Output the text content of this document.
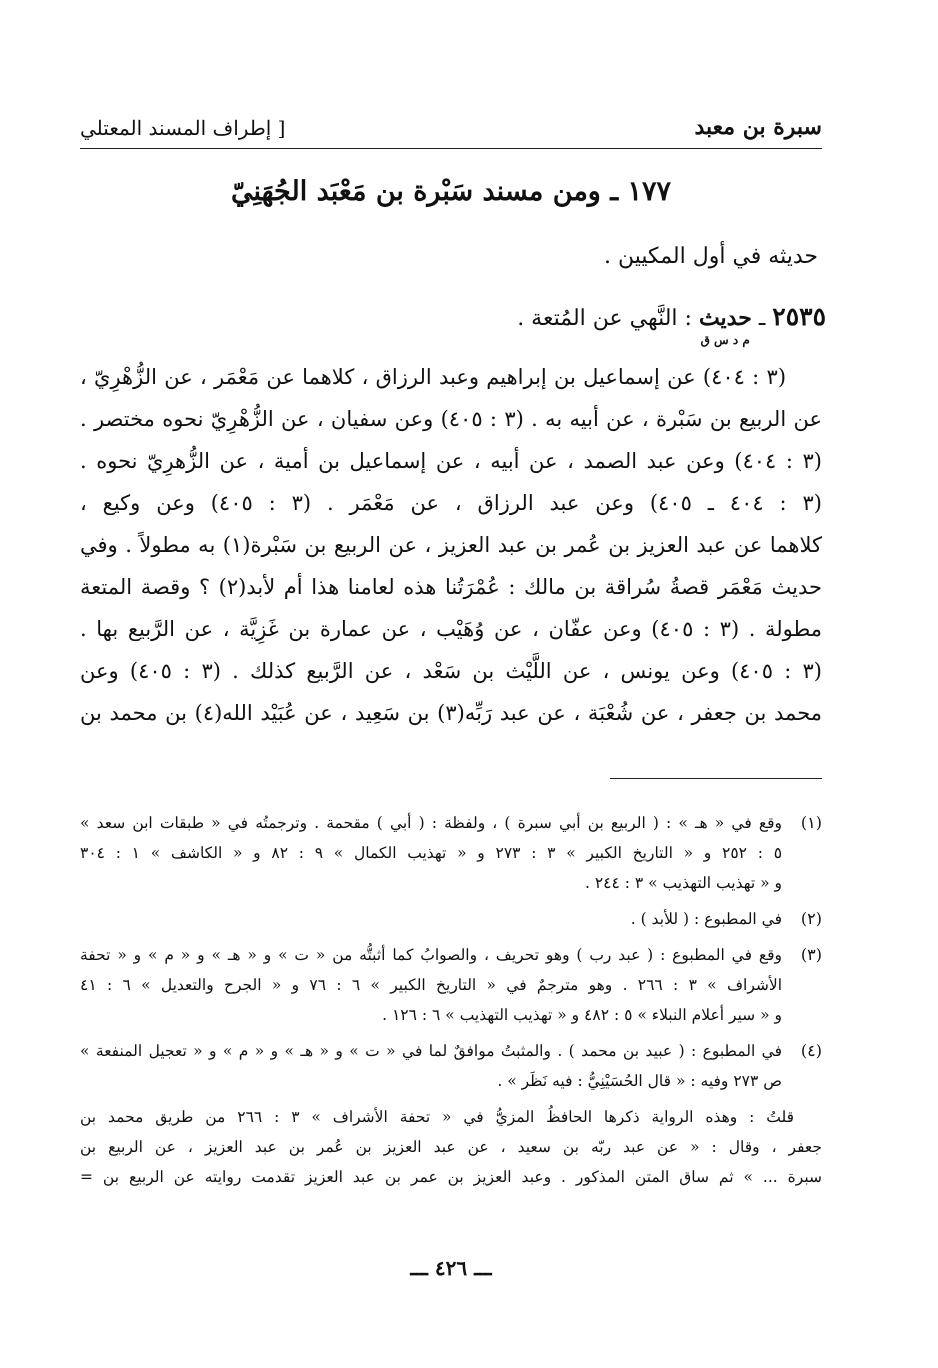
سبرة بن معبد
[ إطراف المسند المعتلي
١٧٧ ـ ومن مسند سَبْرة بن مَعْبَد الجُهَنِيّ
حديثه في أول المكيين .
٢٥٣٥ ـ حديث
م د س ق
: النَّهي عن المُتعة .
(٣ : ٤٠٤) عن إسماعيل بن إبراهيم وعبد الرزاق ، كلاهما عن مَعْمَر ، عن الزُّهْرِيّ ،
عن الربيع بن سَبْرة ، عن أبيه به . (٣ : ٤٠٥) وعن سفيان ، عن الزُّهْرِيّ نحوه مختصر .
(٣ : ٤٠٤) وعن عبد الصمد ، عن أبيه ، عن إسماعيل بن أمية ، عن الزُّهرِيّ نحوه .
(٣ : ٤٠٤ ـ ٤٠٥) وعن عبد الرزاق ، عن مَعْمَر . (٣ : ٤٠٥) وعن وكيع ،
كلاهما عن عبد العزيز بن عُمر بن عبد العزيز ، عن الربيع بن سَبْرة(١) به مطولاً . وفي
حديث مَعْمَر قصةُ سُراقة بن مالك : عُمْرَتُنا هذه لعامنا هذا أم لأبد(٢) ؟ وقصة المتعة
مطولة . (٣ : ٤٠٥) وعن عفّان ، عن وُهَيْب ، عن عمارة بن غَزِيَّة ، عن الرَّبيع بها .
(٣ : ٤٠٥) وعن يونس ، عن اللَّيْث بن سَعْد ، عن الرَّبيع كذلك . (٣ : ٤٠٥) وعن
محمد بن جعفر ، عن شُعْبَة ، عن عبد رَبِّه(٣) بن سَعِيد ، عن عُبَيْد الله(٤) بن محمد بن
(١)
وقع في « هـ » : ( الربيع بن أبي سبرة ) ، ولفظة : ( أبي ) مقحمة . وترجمتُه في « طبقات ابن سعد »
٥ : ٢٥٢ و « التاريخ الكبير » ٣ : ٢٧٣ و « تهذيب الكمال » ٩ : ٨٢ و « الكاشف » ١ : ٣٠٤
و « تهذيب التهذيب » ٣ : ٢٤٤ .
(٢)
في المطبوع : ( للأبد ) .
(٣)
وقع في المطبوع : ( عبد رب ) وهو تحريف ، والصوابُ كما أثبتُّه من « ت » و « هـ » و « م » و « تحفة
الأشراف » ٣ : ٢٦٦ . وهو مترجمٌ في « التاريخ الكبير » ٦ : ٧٦ و « الجرح والتعديل » ٦ : ٤١
و « سير أعلام النبلاء » ٥ : ٤٨٢ و « تهذيب التهذيب » ٦ : ١٢٦ .
(٤)
في المطبوع : ( عبيد بن محمد ) . والمثبتُ موافقٌ لما في « ت » و « هـ » و « م » و « تعجيل المنفعة »
ص ٢٧٣ وفيه : « قال الحُسَيْنِيُّ : فيه نَظَر » .
قلتُ : وهذه الرواية ذكرها الحافظُ المزيُّ في « تحفة الأشراف » ٣ : ٢٦٦ من طريق محمد بن
جعفر ، وقال : « عن عبد ربّه بن سعيد ، عن عبد العزيز بن عُمر بن عبد العزيز ، عن الربيع بن
سبرة ... » ثم ساق المتن المذكور . وعبد العزيز بن عمر بن عبد العزيز تقدمت روايته عن الربيع بن =
ـــ ٤٢٦ ـــ
